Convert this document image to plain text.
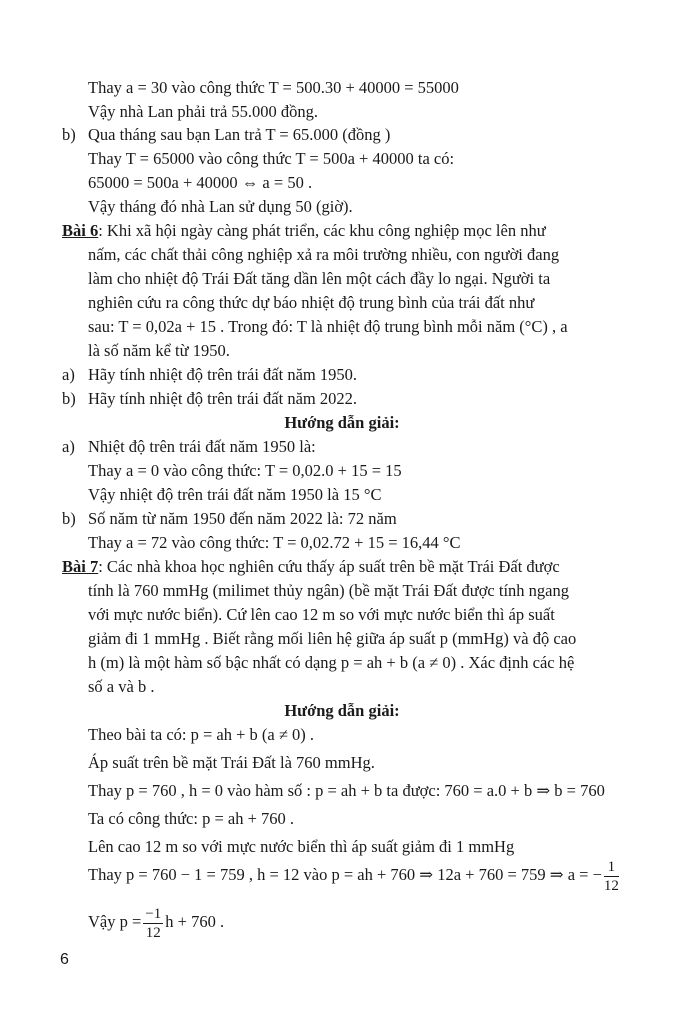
Thay a = 30 vào công thức T = 500.30 + 40000 = 55000
Vậy nhà Lan phải trả 55.000 đồng.
b) Qua tháng sau bạn Lan trả T = 65.000 (đồng )
Thay T = 65000 vào công thức T = 500a + 40000 ta có:
65000 = 500a + 40000 ⇔ a = 50 .
Vậy tháng đó nhà Lan sử dụng 50 (giờ).
Bài 6: Khi xã hội ngày càng phát triển, các khu công nghiệp mọc lên như
nấm, các chất thải công nghiệp xả ra môi trường nhiều, con người đang
làm cho nhiệt độ Trái Đất tăng dần lên một cách đầy lo ngại. Người ta
nghiên cứu ra công thức dự báo nhiệt độ trung bình của trái đất như
sau: T = 0,02a + 15 . Trong đó: T là nhiệt độ trung bình mỗi năm (°C) , a
là số năm kể từ 1950.
a) Hãy tính nhiệt độ trên trái đất năm 1950.
b) Hãy tính nhiệt độ trên trái đất năm 2022.
Hướng dẫn giải:
a) Nhiệt độ trên trái đất năm 1950 là:
Thay a = 0 vào công thức: T = 0,02.0 + 15 = 15
Vậy nhiệt độ trên trái đất năm 1950 là 15 °C
b) Số năm từ năm 1950 đến năm 2022 là: 72 năm
Thay a = 72 vào công thức: T = 0,02.72 + 15 = 16,44 °C
Bài 7: Các nhà khoa học nghiên cứu thấy áp suất trên bề mặt Trái Đất được
tính là 760 mmHg (milimet thủy ngân) (bề mặt Trái Đất được tính ngang
với mực nước biển). Cứ lên cao 12 m so với mực nước biển thì áp suất
giảm đi 1 mmHg . Biết rằng mối liên hệ giữa áp suất p (mmHg) và độ cao
h (m) là một hàm số bậc nhất có dạng p = ah + b (a ≠ 0) . Xác định các hệ
số a và b .
Hướng dẫn giải:
Theo bài ta có: p = ah + b (a ≠ 0) .
Áp suất trên bề mặt Trái Đất là 760 mmHg.
Thay p = 760 , h = 0 vào hàm số : p = ah + b ta được: 760 = a.0 + b ⇒ b = 760
Ta có công thức: p = ah + 760 .
Lên cao 12 m so với mực nước biển thì áp suất giảm đi 1 mmHg
Thay p = 760 − 1 = 759 , h = 12 vào p = ah + 760 ⇒ 12a + 760 = 759 ⇒ a = − $\frac{1}{12}$
Vậy $p = \frac{-1}{12}$ h + 760 .
6
